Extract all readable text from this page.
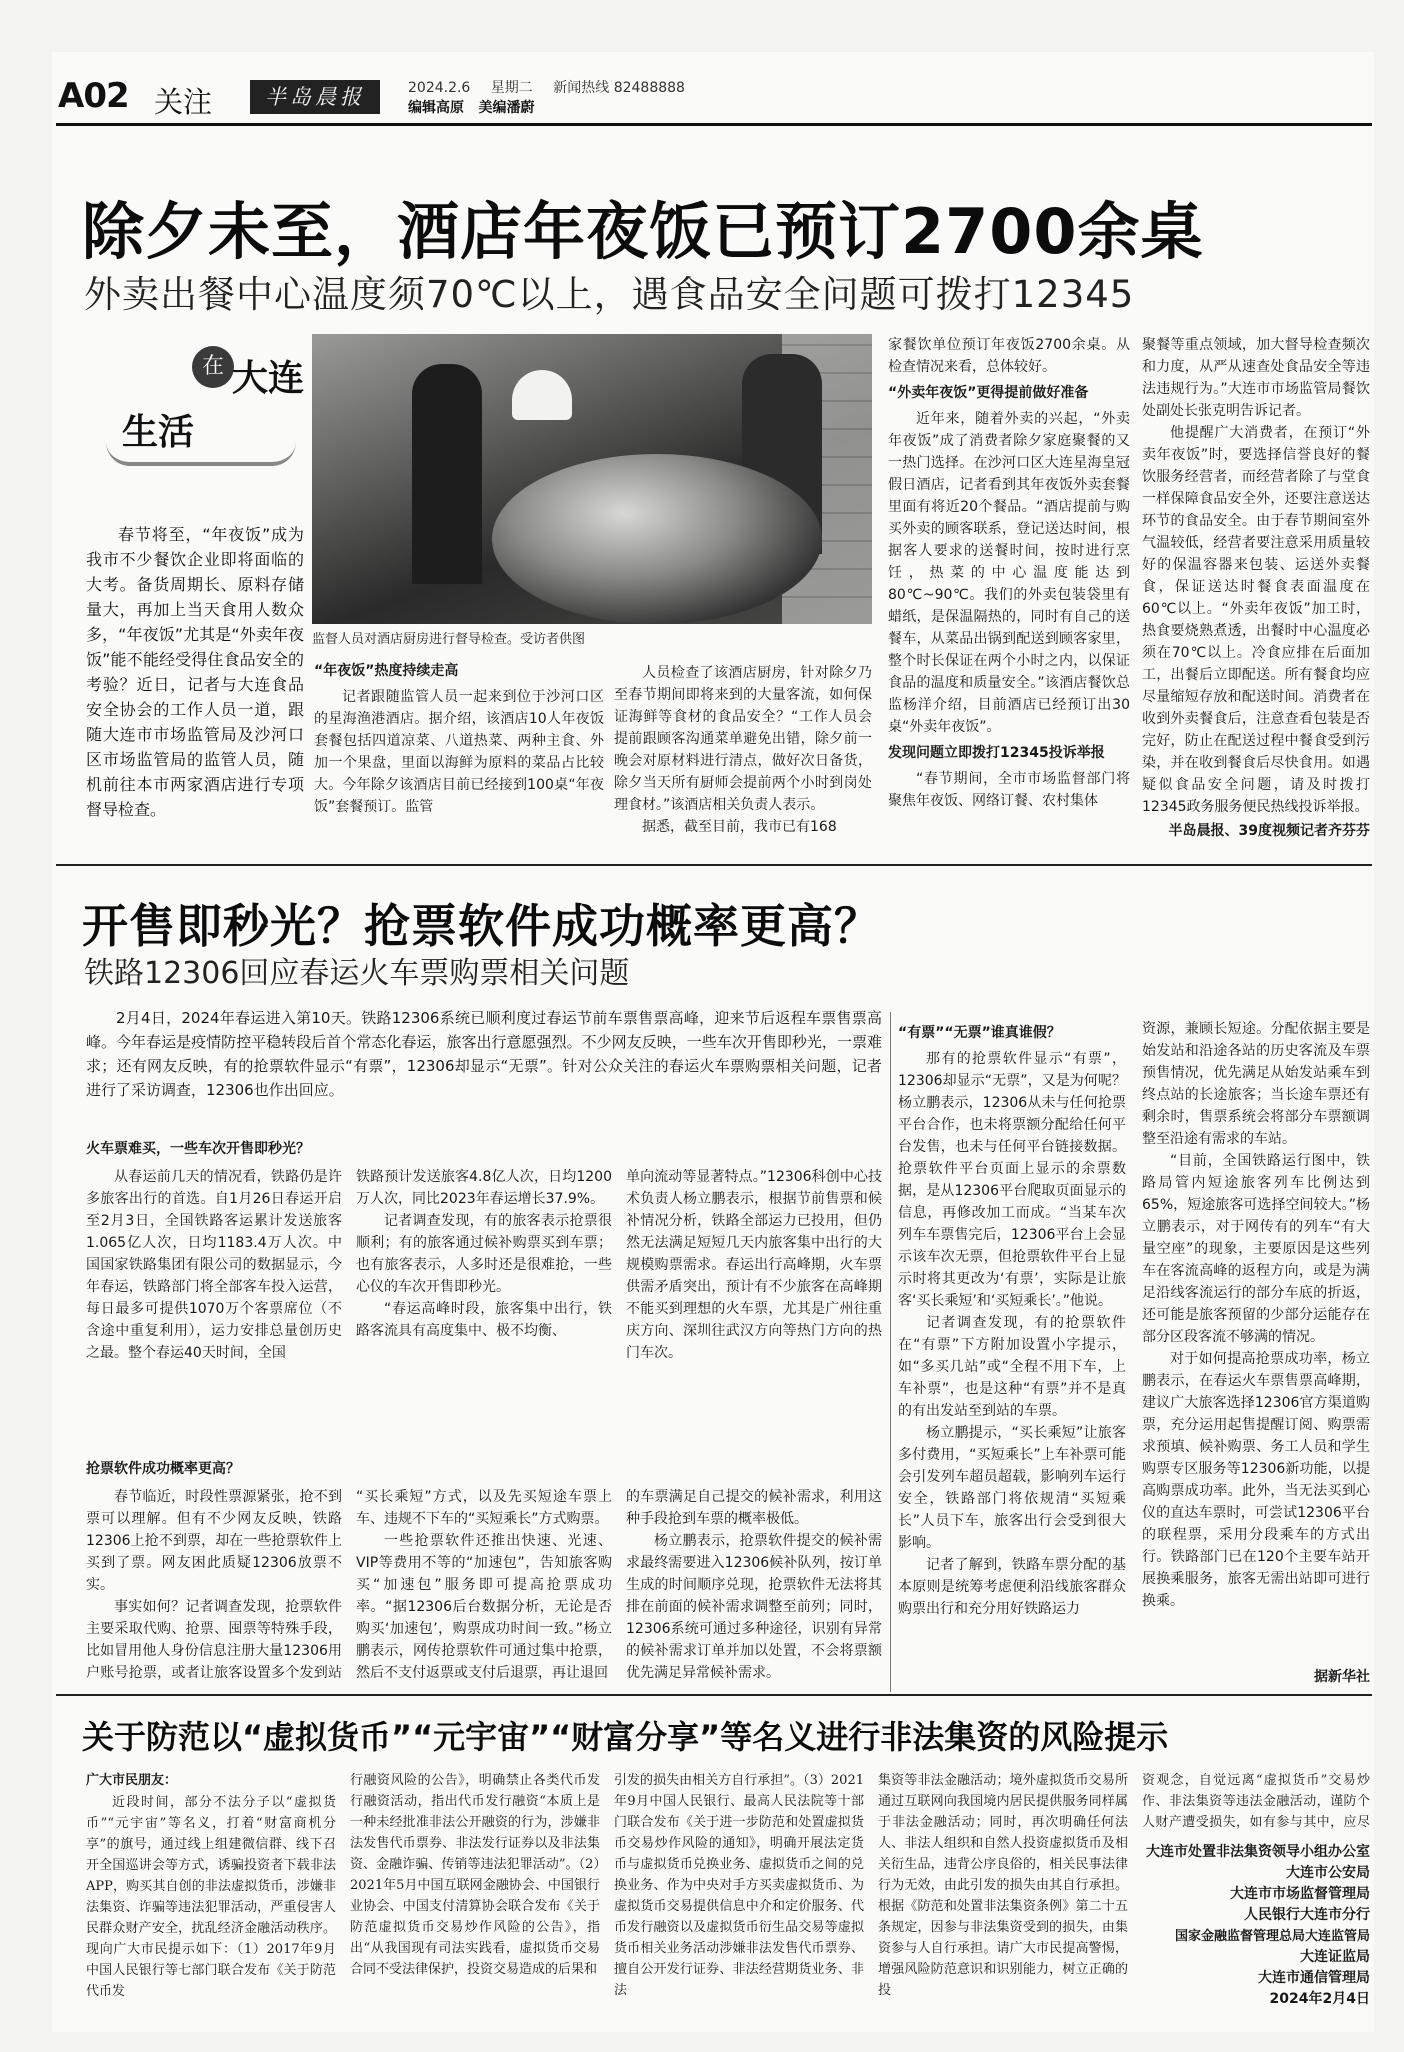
A02 关注	半岛晨报	2024.2.6 星期二 新闻热线 82488888
编辑高原 美编潘蔚
除夕未至，酒店年夜饭已预订2700余桌
外卖出餐中心温度须70℃以上，遇食品安全问题可拨打12345
在 大连
生活
监督人员对酒店厨房进行督导检查。受访者供图

春节将至，“年夜饭”成为我市不少餐饮企业即将面临的大考。备货周期长、原料存储量大，再加上当天食用人数众多，“年夜饭”尤其是“外卖年夜饭”能不能经受得住食品安全的考验？近日，记者与大连食品安全协会的工作人员一道，跟随大连市市场监管局及沙河口区市场监管局的监管人员，随机前往本市两家酒店进行专项督导检查。

“年夜饭”热度持续走高

记者跟随监管人员一起来到位于沙河口区的星海渔港酒店。据介绍，该酒店10人年夜饭套餐包括四道凉菜、八道热菜、两种主食、外加一个果盘，里面以海鲜为原料的菜品占比较大。今年除夕该酒店目前已经接到100桌“年夜饭”套餐预订。监管

人员检查了该酒店厨房，针对除夕乃至春节期间即将来到的大量客流，如何保证海鲜等食材的食品安全？“工作人员会提前跟顾客沟通菜单避免出错，除夕前一晚会对原材料进行清点，做好次日备货，除夕当天所有厨师会提前两个小时到岗处理食材。”该酒店相关负责人表示。

据悉，截至目前，我市已有168

家餐饮单位预订年夜饭2700余桌。从检查情况来看，总体较好。

“外卖年夜饭”更得提前做好准备

近年来，随着外卖的兴起，“外卖年夜饭”成了消费者除夕家庭聚餐的又一热门选择。在沙河口区大连星海皇冠假日酒店，记者看到其年夜饭外卖套餐里面有将近20个餐品。“酒店提前与购买外卖的顾客联系，登记送达时间，根据客人要求的送餐时间，按时进行烹饪，热菜的中心温度能达到80℃~90℃。我们的外卖包装袋里有蜡纸，是保温隔热的，同时有自己的送餐车，从菜品出锅到配送到顾客家里，整个时长保证在两个小时之内，以保证食品的温度和质量安全。”该酒店餐饮总监杨洋介绍，目前酒店已经预订出30桌“外卖年夜饭”。

发现问题立即拨打12345投诉举报

“春节期间，全市市场监督部门将聚焦年夜饭、网络订餐、农村集体

聚餐等重点领域，加大督导检查频次和力度，从严从速查处食品安全等违法违规行为。”大连市市场监管局餐饮处副处长张克明告诉记者。

他提醒广大消费者，在预订“外卖年夜饭”时，要选择信誉良好的餐饮服务经营者，而经营者除了与堂食一样保障食品安全外，还要注意送达环节的食品安全。由于春节期间室外气温较低，经营者要注意采用质量较好的保温容器来包装、运送外卖餐食，保证送达时餐食表面温度在60℃以上。“外卖年夜饭”加工时，热食要烧熟煮透，出餐时中心温度必须在70℃以上。冷食应排在后面加工，出餐后立即配送。所有餐食均应尽量缩短存放和配送时间。消费者在收到外卖餐食后，注意查看包装是否完好，防止在配送过程中餐食受到污染，并在收到餐食后尽快食用。如遇疑似食品安全问题，请及时拨打12345政务服务便民热线投诉举报。

半岛晨报、39度视频记者齐芬芬
开售即秒光？抢票软件成功概率更高？
铁路12306回应春运火车票购票相关问题

2月4日，2024年春运进入第10天。铁路12306系统已顺利度过春运节前车票售票高峰，迎来节后返程车票售票高峰。今年春运是疫情防控平稳转段后首个常态化春运，旅客出行意愿强烈。不少网友反映，一些车次开售即秒光，一票难求；还有网友反映，有的抢票软件显示“有票”，12306却显示“无票”。针对公众关注的春运火车票购票相关问题，记者进行了采访调查，12306也作出回应。

火车票难买，一些车次开售即秒光？

从春运前几天的情况看，铁路仍是许多旅客出行的首选。自1月26日春运开启至2月3日，全国铁路客运累计发送旅客1.065亿人次，日均1183.4万人次。中国国家铁路集团有限公司的数据显示，今年春运，铁路部门将全部客车投入运营，每日最多可提供1070万个客票席位（不含途中重复利用），运力安排总量创历史之最。整个春运40天时间，全国

铁路预计发送旅客4.8亿人次，日均1200万人次，同比2023年春运增长37.9%。

记者调查发现，有的旅客表示抢票很顺利；有的旅客通过候补购票买到车票；也有旅客表示，人多时还是很难抢，一些心仪的车次开售即秒光。

“春运高峰时段，旅客集中出行，铁路客流具有高度集中、极不均衡、

单向流动等显著特点。”12306科创中心技术负责人杨立鹏表示，根据节前售票和候补情况分析，铁路全部运力已投用，但仍然无法满足短短几天内旅客集中出行的大规模购票需求。春运出行高峰期，火车票供需矛盾突出，预计有不少旅客在高峰期不能买到理想的火车票，尤其是广州往重庆方向、深圳往武汉方向等热门方向的热门车次。

抢票软件成功概率更高？

春节临近，时段性票源紧张，抢不到票可以理解。但有不少网友反映，铁路12306上抢不到票，却在一些抢票软件上买到了票。网友困此质疑12306放票不实。

事实如何？记者调查发现，抢票软件主要采取代购、抢票、囤票等特殊手段，比如冒用他人身份信息注册大量12306用户账号抢票，或者让旅客设置多个发到站

“买长乘短”方式，以及先买短途车票上车、违规不下车的“买短乘长”方式购票。

一些抢票软件还推出快速、光速、VIP等费用不等的“加速包”，告知旅客购买“加速包”服务即可提高抢票成功率。“据12306后台数据分析，无论是否购买‘加速包’，购票成功时间一致。”杨立鹏表示，网传抢票软件可通过集中抢票，然后不支付返票或支付后退票，再让退回

的车票满足自己提交的候补需求，利用这种手段抢到车票的概率极低。

杨立鹏表示，抢票软件提交的候补需求最终需要进入12306候补队列，按订单生成的时间顺序兑现，抢票软件无法将其排在前面的候补需求调整至前列；同时，12306系统可通过多种途径，识别有异常的候补需求订单并加以处置，不会将票额优先满足异常候补需求。

“有票”“无票”谁真谁假？

那有的抢票软件显示“有票”，12306却显示“无票”，又是为何呢？杨立鹏表示，12306从未与任何抢票平台合作，也未将票额分配给任何平台发售，也未与任何平台链接数据。抢票软件平台页面上显示的余票数据，是从12306平台爬取页面显示的信息，再修改加工而成。“当某车次列车车票售完后，12306平台上会显示该车次无票，但抢票软件平台上显示时将其更改为‘有票’，实际是让旅客‘买长乘短’和‘买短乘长’。”他说。

记者调查发现，有的抢票软件在“有票”下方附加设置小字提示，如“多买几站”或“全程不用下车，上车补票”，也是这种“有票”并不是真的有出发站至到站的车票。

杨立鹏提示，“买长乘短”让旅客多付费用，“买短乘长”上车补票可能会引发列车超员超载，影响列车运行安全，铁路部门将依规清“买短乘长”人员下车，旅客出行会受到很大影响。

记者了解到，铁路车票分配的基本原则是统筹考虑便利沿线旅客群众购票出行和充分用好铁路运力

资源，兼顾长短途。分配依据主要是始发站和沿途各站的历史客流及车票预售情况，优先满足从始发站乘车到终点站的长途旅客；当长途车票还有剩余时，售票系统会将部分车票额调整至沿途有需求的车站。

“目前，全国铁路运行图中，铁路局管内短途旅客列车比例达到65%，短途旅客可选择空间较大。”杨立鹏表示，对于网传有的列车“有大量空座”的现象，主要原因是这些列车在客流高峰的返程方向，或是为满足沿线客流运行的部分车底的折返，还可能是旅客预留的少部分运能存在部分区段客流不够满的情况。

对于如何提高抢票成功率，杨立鹏表示，在春运火车票售票高峰期，建议广大旅客选择12306官方渠道购票，充分运用起售提醒订阅、购票需求预填、候补购票、务工人员和学生购票专区服务等12306新功能，以提高购票成功率。此外，当无法买到心仪的直达车票时，可尝试12306平台的联程票，采用分段乘车的方式出行。铁路部门已在120个主要车站开展换乘服务，旅客无需出站即可进行换乘。

据新华社
关于防范以“虚拟货币”“元宇宙”“财富分享”等名义进行非法集资的风险提示
广大市民朋友：

近段时间，部分不法分子以“虚拟货币”“元宇宙”等名义，打着“财富商机分享”的旗号，通过线上组建微信群、线下召开全国巡讲会等方式，诱骗投资者下载非法APP，购买其自创的非法虚拟货币，涉嫌非法集资、诈骗等违法犯罪活动，严重侵害人民群众财产安全，扰乱经济金融活动秩序。现向广大市民提示如下：（1）2017年9月中国人民银行等七部门联合发布《关于防范代币发

行融资风险的公告》，明确禁止各类代币发行融资活动，指出代币发行融资“本质上是一种未经批准非法公开融资的行为，涉嫌非法发售代币票券、非法发行证券以及非法集资、金融诈骗、传销等违法犯罪活动”。（2）2021年5月中国互联网金融协会、中国银行业协会、中国支付清算协会联合发布《关于防范虚拟货币交易炒作风险的公告》，指出“从我国现有司法实践看，虚拟货币交易合同不受法律保护，投资交易造成的后果和

引发的损失由相关方自行承担”。（3）2021年9月中国人民银行、最高人民法院等十部门联合发布《关于进一步防范和处置虚拟货币交易炒作风险的通知》，明确开展法定货币与虚拟货币兑换业务、虚拟货币之间的兑换业务、作为中央对手方买卖虚拟货币、为虚拟货币交易提供信息中介和定价服务、代币发行融资以及虚拟货币衍生品交易等虚拟货币相关业务活动涉嫌非法发售代币票券、擅自公开发行证券、非法经营期货业务、非法

集资等非法金融活动；境外虚拟货币交易所通过互联网向我国境内居民提供服务同样属于非法金融活动；同时，再次明确任何法人、非法人组织和自然人投资虚拟货币及相关衍生品，违背公序良俗的，相关民事法律行为无效，由此引发的损失由其自行承担。根据《防范和处置非法集资条例》第二十五条规定，因参与非法集资受到的损失，由集资参与人自行承担。请广大市民提高警惕，增强风险防范意识和识别能力，树立正确的投

资观念，自觉远离“虚拟货币”交易炒作、非法集资等违法金融活动，谨防个人财产遭受损失，如有参与其中，应尽

大连市处置非法集资领导小组办公室
大连市公安局
大连市市场监督管理局
人民银行大连市分行
国家金融监督管理总局大连监管局
大连证监局
大连市通信管理局
2024年2月4日
